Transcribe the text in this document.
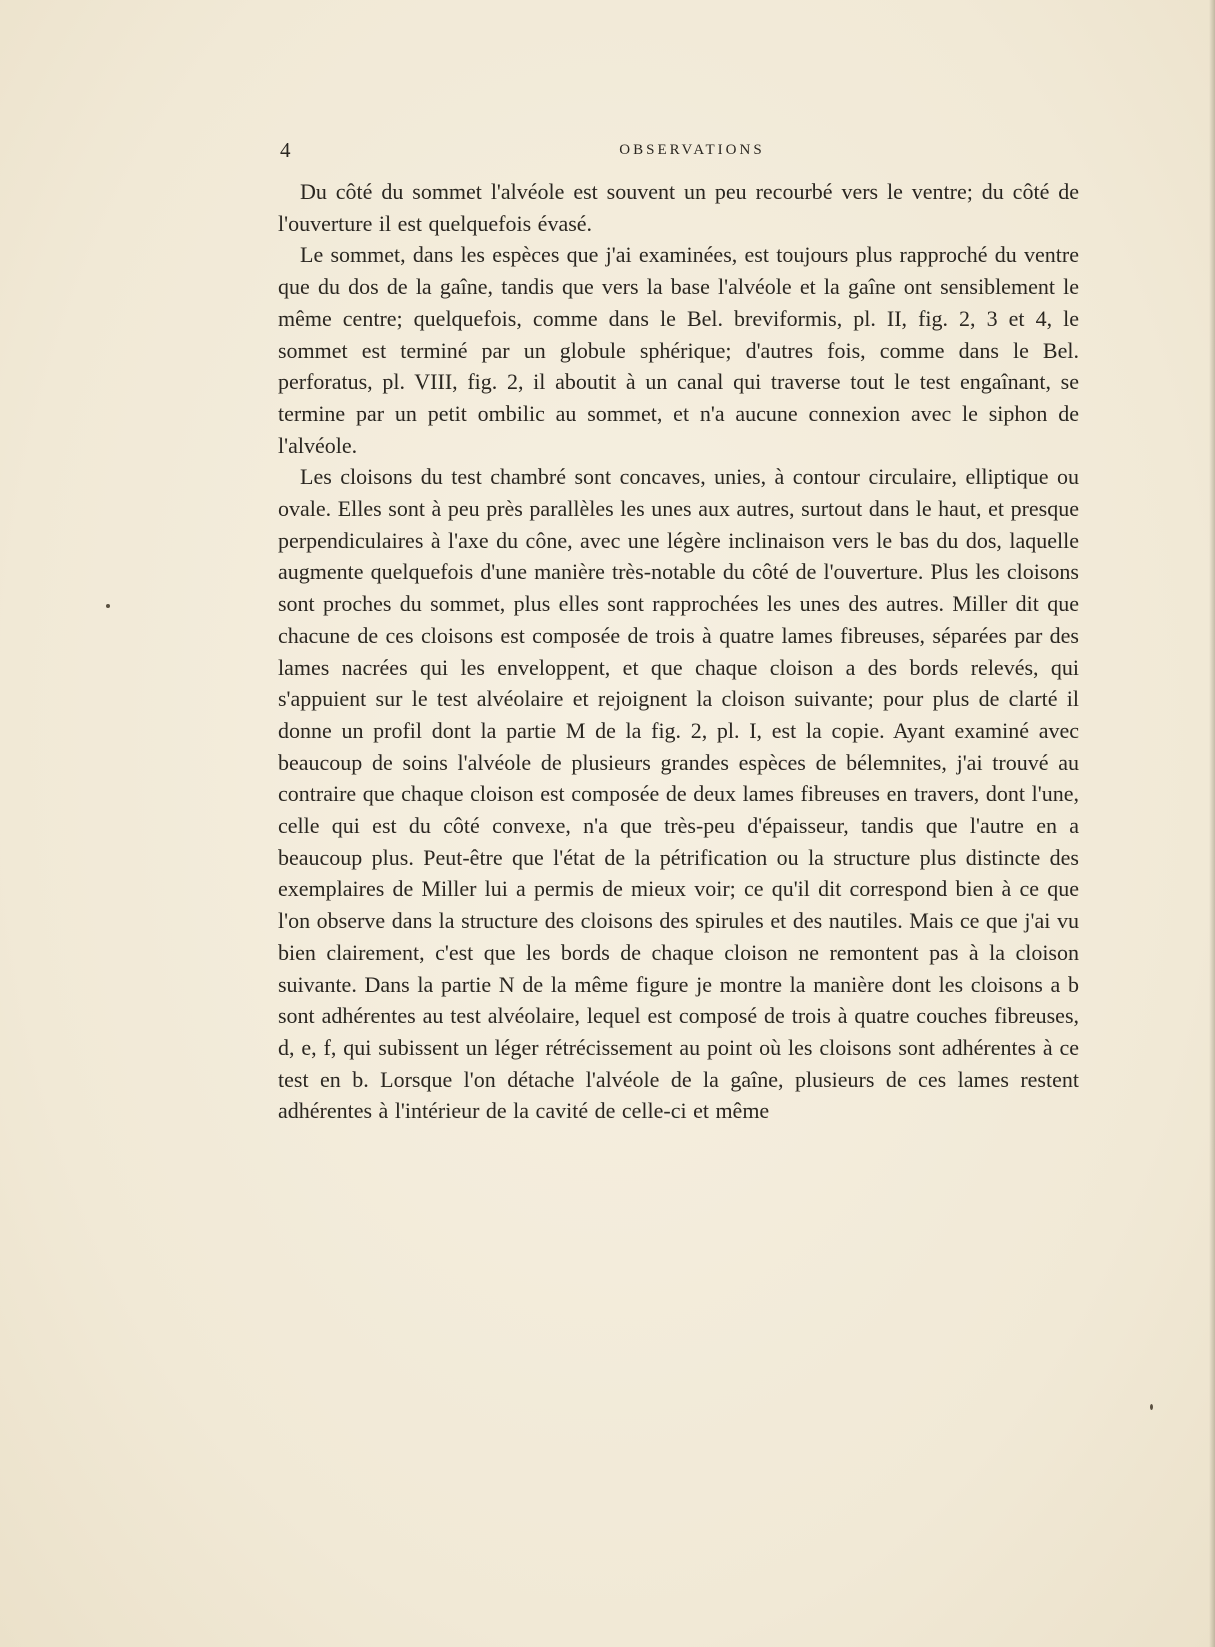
4	OBSERVATIONS

Du côté du sommet l'alvéole est souvent un peu recourbé vers le ventre; du côté de l'ouverture il est quelquefois évasé.

Le sommet, dans les espèces que j'ai examinées, est toujours plus rapproché du ventre que du dos de la gaîne, tandis que vers la base l'alvéole et la gaîne ont sensiblement le même centre; quelquefois, comme dans le Bel. breviformis, pl. II, fig. 2, 3 et 4, le sommet est terminé par un globule sphérique; d'autres fois, comme dans le Bel. perforatus, pl. VIII, fig. 2, il aboutit à un canal qui traverse tout le test engaînant, se termine par un petit ombilic au sommet, et n'a aucune connexion avec le siphon de l'alvéole.

Les cloisons du test chambré sont concaves, unies, à contour circulaire, elliptique ou ovale. Elles sont à peu près parallèles les unes aux autres, surtout dans le haut, et presque perpendiculaires à l'axe du cône, avec une légère inclinaison vers le bas du dos, laquelle augmente quelquefois d'une manière très-notable du côté de l'ouverture. Plus les cloisons sont proches du sommet, plus elles sont rapprochées les unes des autres. Miller dit que chacune de ces cloisons est composée de trois à quatre lames fibreuses, séparées par des lames nacrées qui les enveloppent, et que chaque cloison a des bords relevés, qui s'appuient sur le test alvéolaire et rejoignent la cloison suivante; pour plus de clarté il donne un profil dont la partie M de la fig. 2, pl. I, est la copie. Ayant examiné avec beaucoup de soins l'alvéole de plusieurs grandes espèces de bélemnites, j'ai trouvé au contraire que chaque cloison est composée de deux lames fibreuses en travers, dont l'une, celle qui est du côté convexe, n'a que très-peu d'épaisseur, tandis que l'autre en a beaucoup plus. Peut-être que l'état de la pétrification ou la structure plus distincte des exemplaires de Miller lui a permis de mieux voir; ce qu'il dit correspond bien à ce que l'on observe dans la structure des cloisons des spirules et des nautiles. Mais ce que j'ai vu bien clairement, c'est que les bords de chaque cloison ne remontent pas à la cloison suivante. Dans la partie N de la même figure je montre la manière dont les cloisons a b sont adhérentes au test alvéolaire, lequel est composé de trois à quatre couches fibreuses, d, e, f, qui subissent un léger rétrécissement au point où les cloisons sont adhérentes à ce test en b. Lorsque l'on détache l'alvéole de la gaîne, plusieurs de ces lames restent adhérentes à l'intérieur de la cavité de celle-ci et même
